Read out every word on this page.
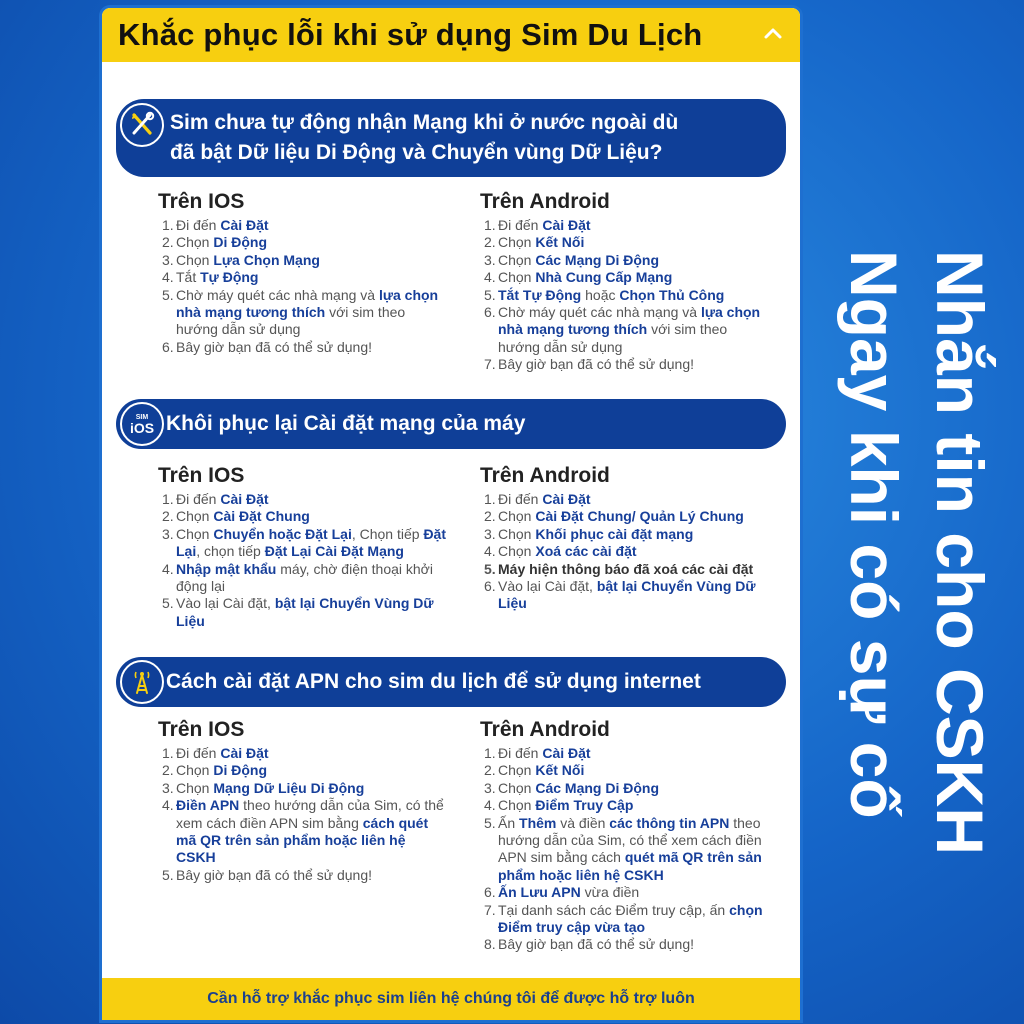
Khắc phục lỗi khi sử dụng Sim Du Lịch
Sim chưa tự động nhận Mạng khi ở nước ngoài dù
đã bật Dữ liệu Di Động và Chuyển vùng Dữ Liệu?
Trên IOS
1. Đi đến Cài Đặt
2. Chọn Di Động
3. Chọn Lựa Chọn Mạng
4. Tắt Tự Động
5. Chờ máy quét các nhà mạng và lựa chọn nhà mạng tương thích với sim theo hướng dẫn sử dụng
6. Bây giờ bạn đã có thể sử dụng!
Trên Android
1. Đi đến Cài Đặt
2. Chọn Kết Nối
3. Chọn Các Mạng Di Động
4. Chọn Nhà Cung Cấp Mạng
5. Tắt Tự Động hoặc Chọn Thủ Công
6. Chờ máy quét các nhà mạng và lựa chọn nhà mạng tương thích với sim theo hướng dẫn sử dụng
7. Bây giờ bạn đã có thể sử dụng!
SIM
iOS Khôi phục lại Cài đặt mạng của máy
Trên IOS
1. Đi đến Cài Đặt
2. Chọn Cài Đặt Chung
3. Chọn Chuyển hoặc Đặt Lại, Chọn tiếp Đặt Lại, chọn tiếp Đặt Lại Cài Đặt Mạng
4. Nhập mật khẩu máy, chờ điện thoại khởi động lại
5. Vào lại Cài đặt, bật lại Chuyển Vùng Dữ Liệu
Trên Android
1. Đi đến Cài Đặt
2. Chọn Cài Đặt Chung/ Quản Lý Chung
3. Chọn Khối phục cài đặt mạng
4. Chọn Xoá các cài đặt
5. Máy hiện thông báo đã xoá các cài đặt
6. Vào lại Cài đặt, bật lại Chuyển Vùng Dữ Liệu
Cách cài đặt APN cho sim du lịch để sử dụng internet
Trên IOS
1. Đi đến Cài Đặt
2. Chọn Di Động
3. Chọn Mạng Dữ Liệu Di Động
4. Điền APN theo hướng dẫn của Sim, có thể xem cách điền APN sim bằng cách quét mã QR trên sản phẩm hoặc liên hệ CSKH
5. Bây giờ bạn đã có thể sử dụng!
Trên Android
1. Đi đến Cài Đặt
2. Chọn Kết Nối
3. Chọn Các Mạng Di Động
4. Chọn Điểm Truy Cập
5. Ấn Thêm và điền các thông tin APN theo hướng dẫn của Sim, có thể xem cách điền APN sim bằng cách quét mã QR trên sản phẩm hoặc liên hệ CSKH
6. Ấn Lưu APN vừa điền
7. Tại danh sách các Điểm truy cập, ấn chọn Điểm truy cập vừa tạo
8. Bây giờ bạn đã có thể sử dụng!
Cần hỗ trợ khắc phục sim liên hệ chúng tôi để được hỗ trợ luôn
Nhắn tin cho CSKH
Ngay khi có sự cố
